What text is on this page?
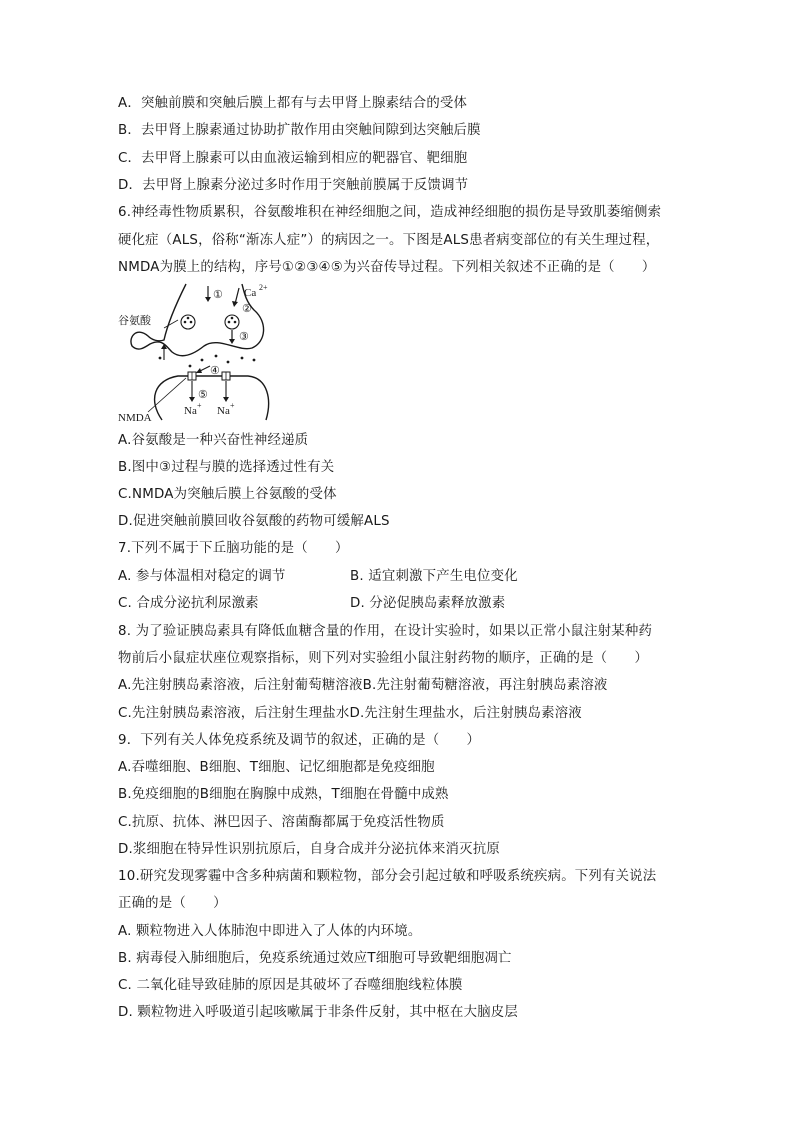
A．突触前膜和突触后膜上都有与去甲肾上腺素结合的受体
B．去甲肾上腺素通过协助扩散作用由突触间隙到达突触后膜
C．去甲肾上腺素可以由血液运输到相应的靶器官、靶细胞
D．去甲肾上腺素分泌过多时作用于突触前膜属于反馈调节
6.神经毒性物质累积，谷氨酸堆积在神经细胞之间，造成神经细胞的损伤是导致肌萎缩侧索
硬化症（ALS，俗称“渐冻人症”）的病因之一。下图是ALS患者病变部位的有关生理过程，
NMDA为膜上的结构，序号①②③④⑤为兴奋传导过程。下列相关叙述不正确的是（　　）
① Ca 2+
②
③
谷氨酸
④
⑤
Na + Na +
NMDA
A.谷氨酸是一种兴奋性神经递质
B.图中③过程与膜的选择透过性有关
C.NMDA为突触后膜上谷氨酸的受体
D.促进突触前膜回收谷氨酸的药物可缓解ALS
7.下列不属于下丘脑功能的是（　　）
A. 参与体温相对稳定的调节	B. 适宜刺激下产生电位变化
C. 合成分泌抗利尿激素	D. 分泌促胰岛素释放激素
8. 为了验证胰岛素具有降低血糖含量的作用，在设计实验时，如果以正常小鼠注射某种药
物前后小鼠症状座位观察指标，则下列对实验组小鼠注射药物的顺序，正确的是（　　）
A.先注射胰岛素溶液，后注射葡萄糖溶液B.先注射葡萄糖溶液，再注射胰岛素溶液
C.先注射胰岛素溶液，后注射生理盐水D.先注射生理盐水，后注射胰岛素溶液
9．下列有关人体免疫系统及调节的叙述，正确的是（　　）
A.吞噬细胞、B细胞、T细胞、记忆细胞都是免疫细胞
B.免疫细胞的B细胞在胸腺中成熟，T细胞在骨髓中成熟
C.抗原、抗体、淋巴因子、溶菌酶都属于免疫活性物质
D.浆细胞在特异性识别抗原后，自身合成并分泌抗体来消灭抗原
10.研究发现雾霾中含多种病菌和颗粒物，部分会引起过敏和呼吸系统疾病。下列有关说法
正确的是（　　）
A. 颗粒物进入人体肺泡中即进入了人体的内环境。
B. 病毒侵入肺细胞后，免疫系统通过效应T细胞可导致靶细胞凋亡
C. 二氧化硅导致硅肺的原因是其破坏了吞噬细胞线粒体膜
D. 颗粒物进入呼吸道引起咳嗽属于非条件反射，其中枢在大脑皮层
